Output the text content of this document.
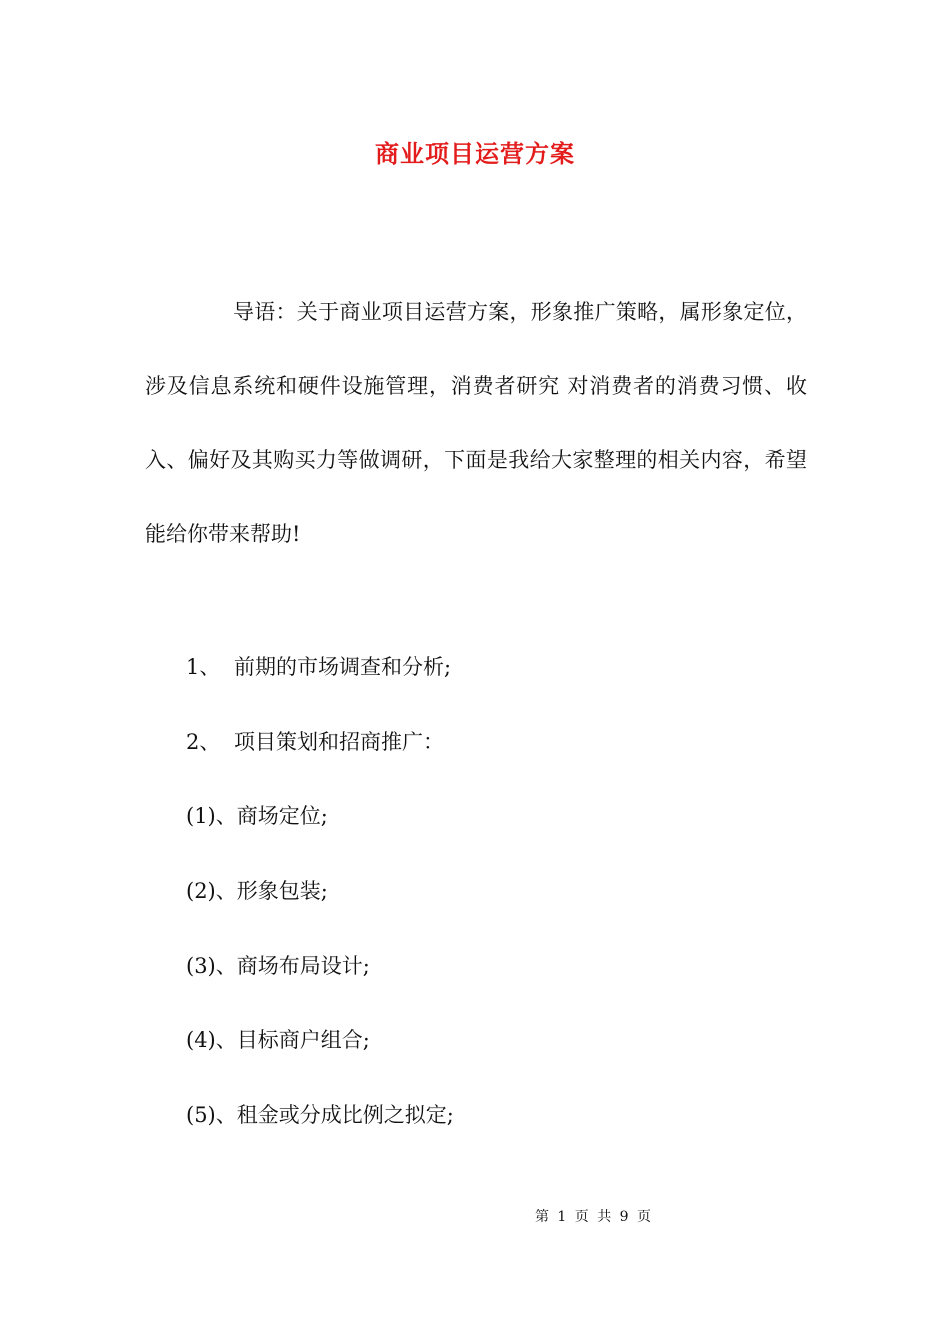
商业项目运营方案

导语：关于商业项目运营方案，形象推广策略，属形象定位，涉及信息系统和硬件设施管理，消费者研究 对消费者的消费习惯、收入、偏好及其购买力等做调研，下面是我给大家整理的相关内容，希望能给你带来帮助!

1、 前期的市场调查和分析;
2、 项目策划和招商推广：
(1)、商场定位;
(2)、形象包装;
(3)、商场布局设计;
(4)、目标商户组合;
(5)、租金或分成比例之拟定;
第 1 页 共 9 页
